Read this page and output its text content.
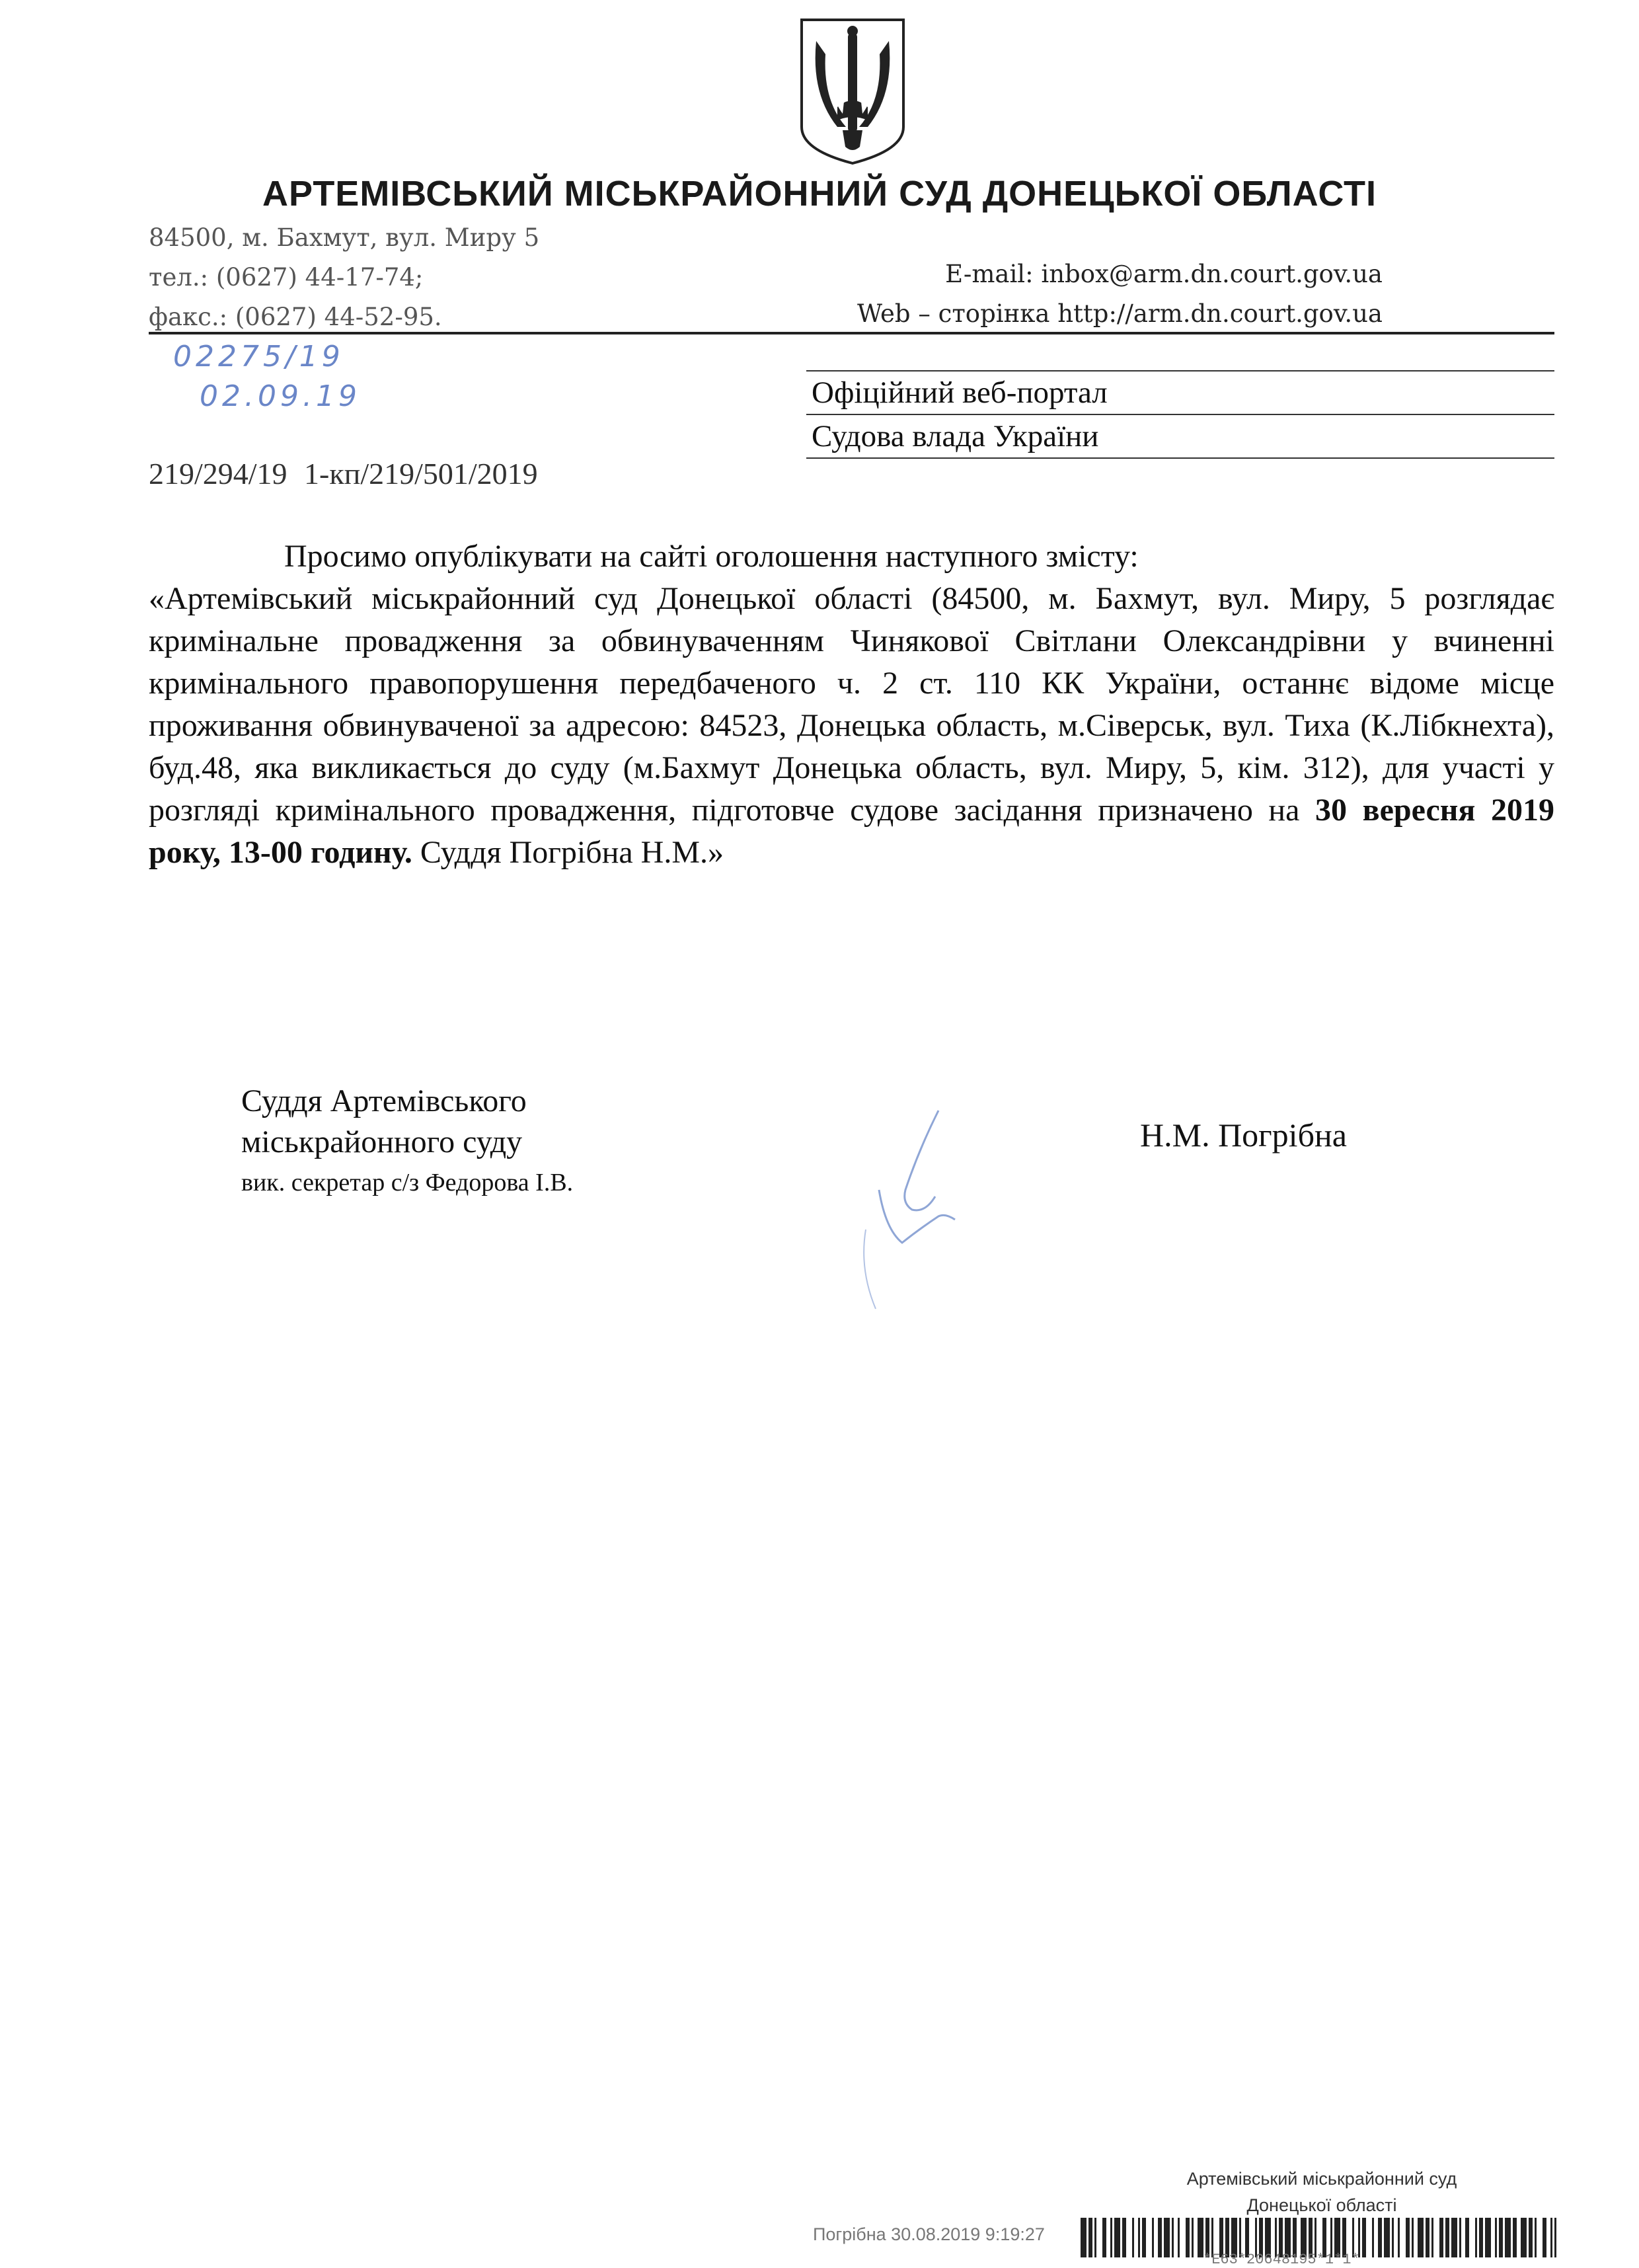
АРТЕМІВСЬКИЙ МІСЬКРАЙОННИЙ СУД ДОНЕЦЬКОЇ ОБЛАСТІ
84500, м. Бахмут, вул. Миру 5
тел.: (0627) 44-17-74;
факс.: (0627) 44-52-95.
E-mail: inbox@arm.dn.court.gov.ua
Web – сторінка http://arm.dn.court.gov.ua
02275/19
02.09.19	Офіційний веб-портал
Судова влада України
219/294/19 1-кп/219/501/2019

Просимо опублікувати на сайті оголошення наступного змісту:

«Артемівський міськрайонний суд Донецької області (84500, м. Бахмут, вул. Миру, 5 розглядає кримінальне провадження за обвинуваченням Чинякової Світлани Олександрівни у вчиненні кримінального правопорушення передбаченого ч. 2 ст. 110 КК України, останнє відоме місце проживання обвинуваченої за адресою: 84523, Донецька область, м.Сіверськ, вул. Тиха (К.Лібкнехта), буд.48, яка викликається до суду (м.Бахмут Донецька область, вул. Миру, 5, кім. 312), для участі у розгляді кримінального провадження, підготовче судове засідання призначено на 30 вересня 2019 року, 13-00 годину. Суддя Погрібна Н.М.»

Суддя Артемівського
міськрайонного суду
вик. секретар с/з Федорова І.В.
Н.М. Погрібна
Артемівський міськрайонний суд
Донецької області
Погрібна 30.08.2019 9:19:27
*E63*20648195*1*1*
